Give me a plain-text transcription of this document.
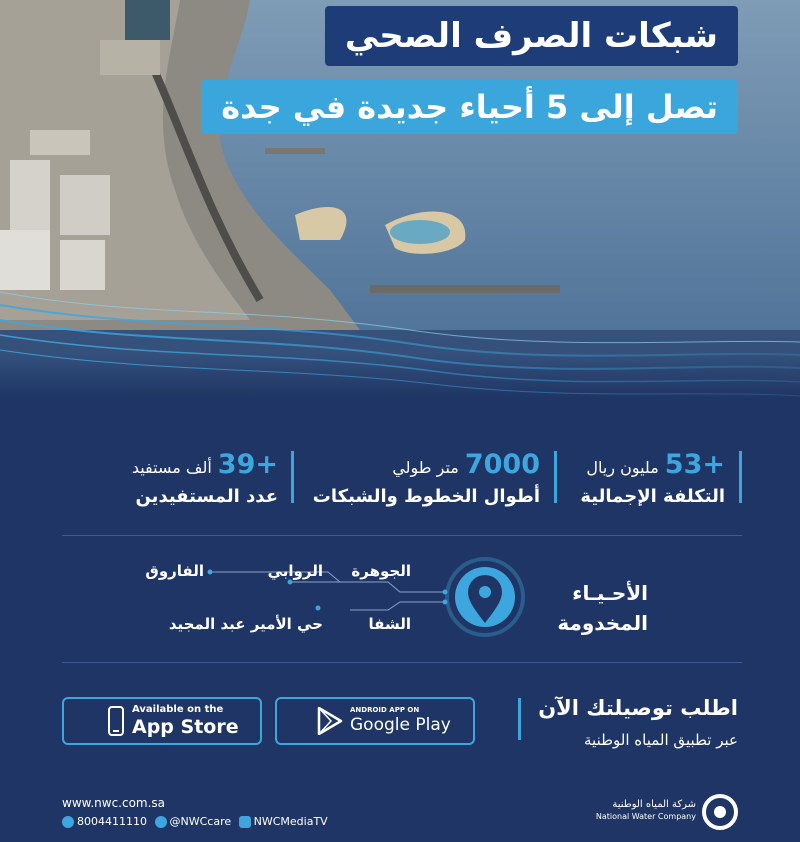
شبكات الصرف الصحي
تصل إلى 5 أحياء جديدة في جدة
+53مليون ريال
التكلفة الإجمالية
7000متر طولي
أطوال الخطوط والشبكات
+39ألف مستفيد
عدد المستفيدين
الجوهرة
الروابي
الفاروق
الشفا
حي الأمير عبد المجيد
الأحـيـاء
المخدومة
Available on the
App Store
ANDROID APP ON
Google Play
اطلب توصيلتك الآن
عبر تطبيق المياه الوطنية
www.nwc.com.sa
8004411110 @NWCcare NWCMediaTV
شركة المياه الوطنية
National Water Company
